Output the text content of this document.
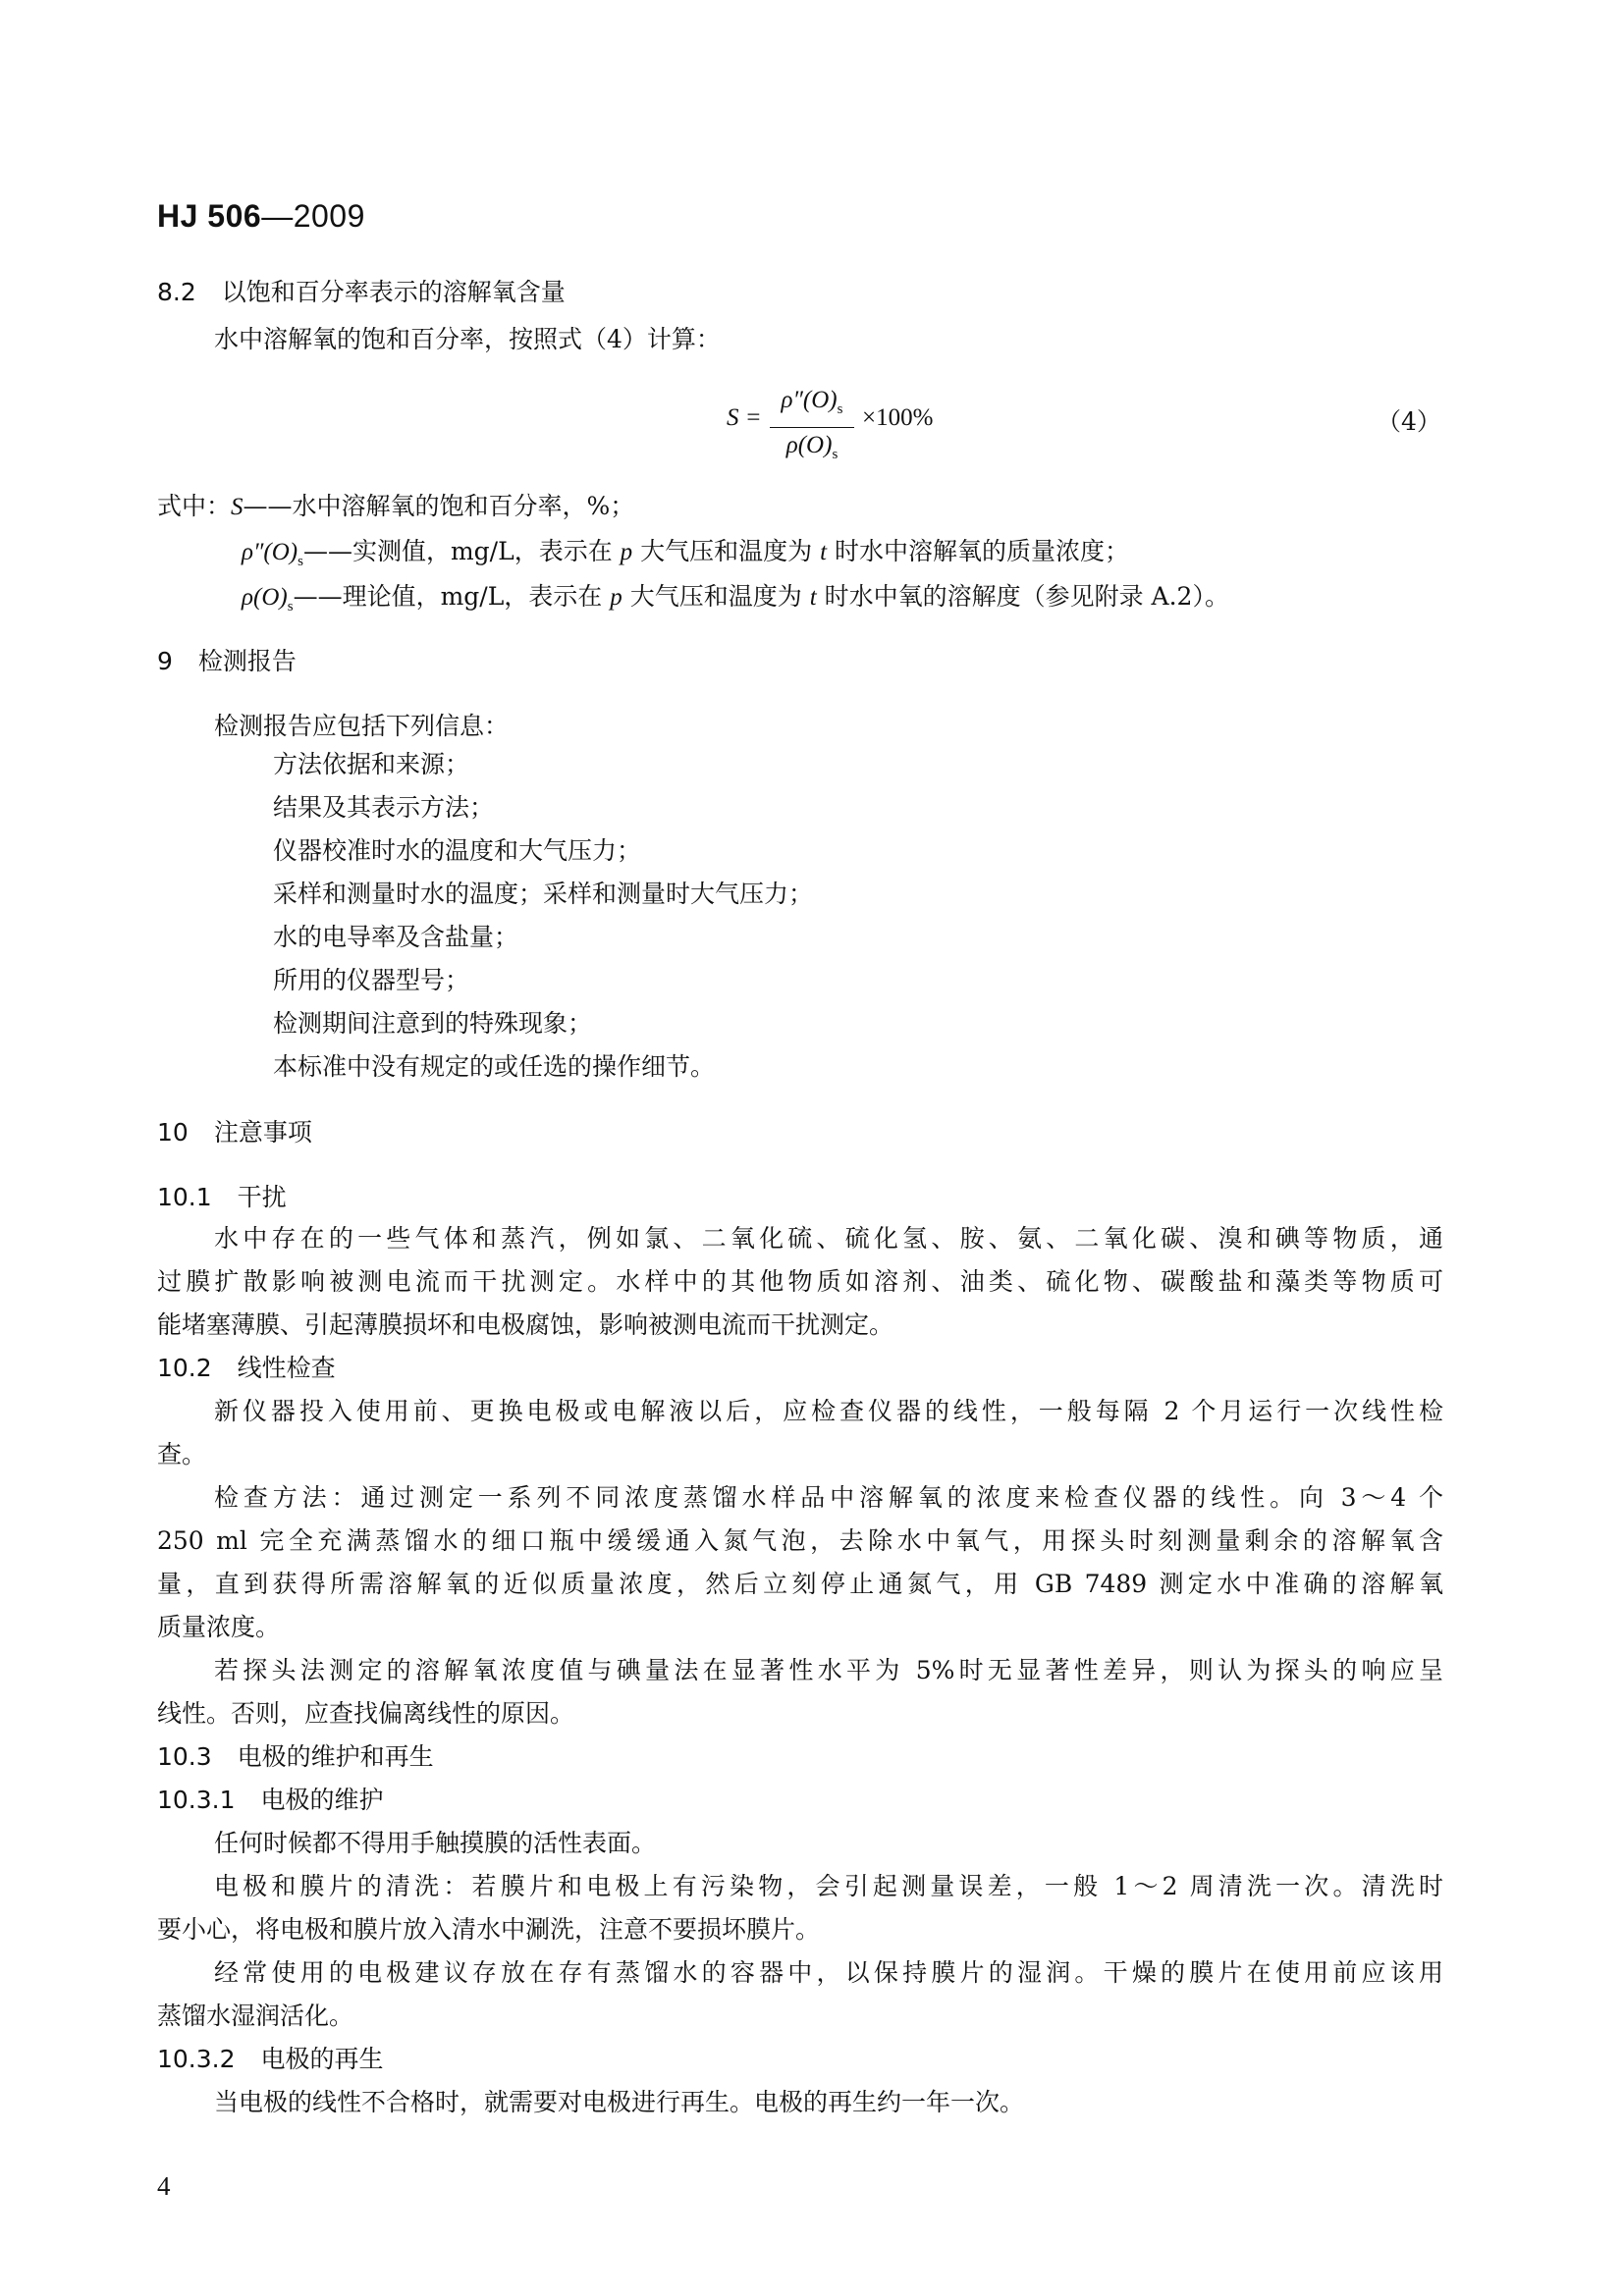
HJ 506—2009
8.2 以饱和百分率表示的溶解氧含量
水中溶解氧的饱和百分率，按照式（4）计算：
S =
$\rho''(O)_s$
$\rho(O)_s$
×100%	（4）
式中：S——水中溶解氧的饱和百分率，%；
$\rho''(O)_s——$实测值，mg/L，表示在 p 大气压和温度为 t 时水中溶解氧的质量浓度；
$\rho(O)_s——$理论值，mg/L，表示在 p 大气压和温度为 t 时水中氧的溶解度（参见附录 A.2）。
9 检测报告
检测报告应包括下列信息：
方法依据和来源；
结果及其表示方法；
仪器校准时水的温度和大气压力；
采样和测量时水的温度；采样和测量时大气压力；
水的电导率及含盐量；
所用的仪器型号；
检测期间注意到的特殊现象；
本标准中没有规定的或任选的操作细节。
10 注意事项
10.1 干扰
水中存在的一些气体和蒸汽，例如氯、二氧化硫、硫化氢、胺、氨、二氧化碳、溴和碘等物质，通
过膜扩散影响被测电流而干扰测定。水样中的其他物质如溶剂、油类、硫化物、碳酸盐和藻类等物质可
能堵塞薄膜、引起薄膜损坏和电极腐蚀，影响被测电流而干扰测定。
10.2 线性检查
新仪器投入使用前、更换电极或电解液以后，应检查仪器的线性，一般每隔 2 个月运行一次线性检
查。
检查方法：通过测定一系列不同浓度蒸馏水样品中溶解氧的浓度来检查仪器的线性。向 3～4 个
250 ml 完全充满蒸馏水的细口瓶中缓缓通入氮气泡，去除水中氧气，用探头时刻测量剩余的溶解氧含
量，直到获得所需溶解氧的近似质量浓度，然后立刻停止通氮气，用 GB 7489 测定水中准确的溶解氧
质量浓度。
若探头法测定的溶解氧浓度值与碘量法在显著性水平为 5%时无显著性差异，则认为探头的响应呈
线性。否则，应查找偏离线性的原因。
10.3 电极的维护和再生
10.3.1 电极的维护
任何时候都不得用手触摸膜的活性表面。
电极和膜片的清洗：若膜片和电极上有污染物，会引起测量误差，一般 1～2 周清洗一次。清洗时
要小心，将电极和膜片放入清水中涮洗，注意不要损坏膜片。
经常使用的电极建议存放在存有蒸馏水的容器中，以保持膜片的湿润。干燥的膜片在使用前应该用
蒸馏水湿润活化。
10.3.2 电极的再生
当电极的线性不合格时，就需要对电极进行再生。电极的再生约一年一次。
4
